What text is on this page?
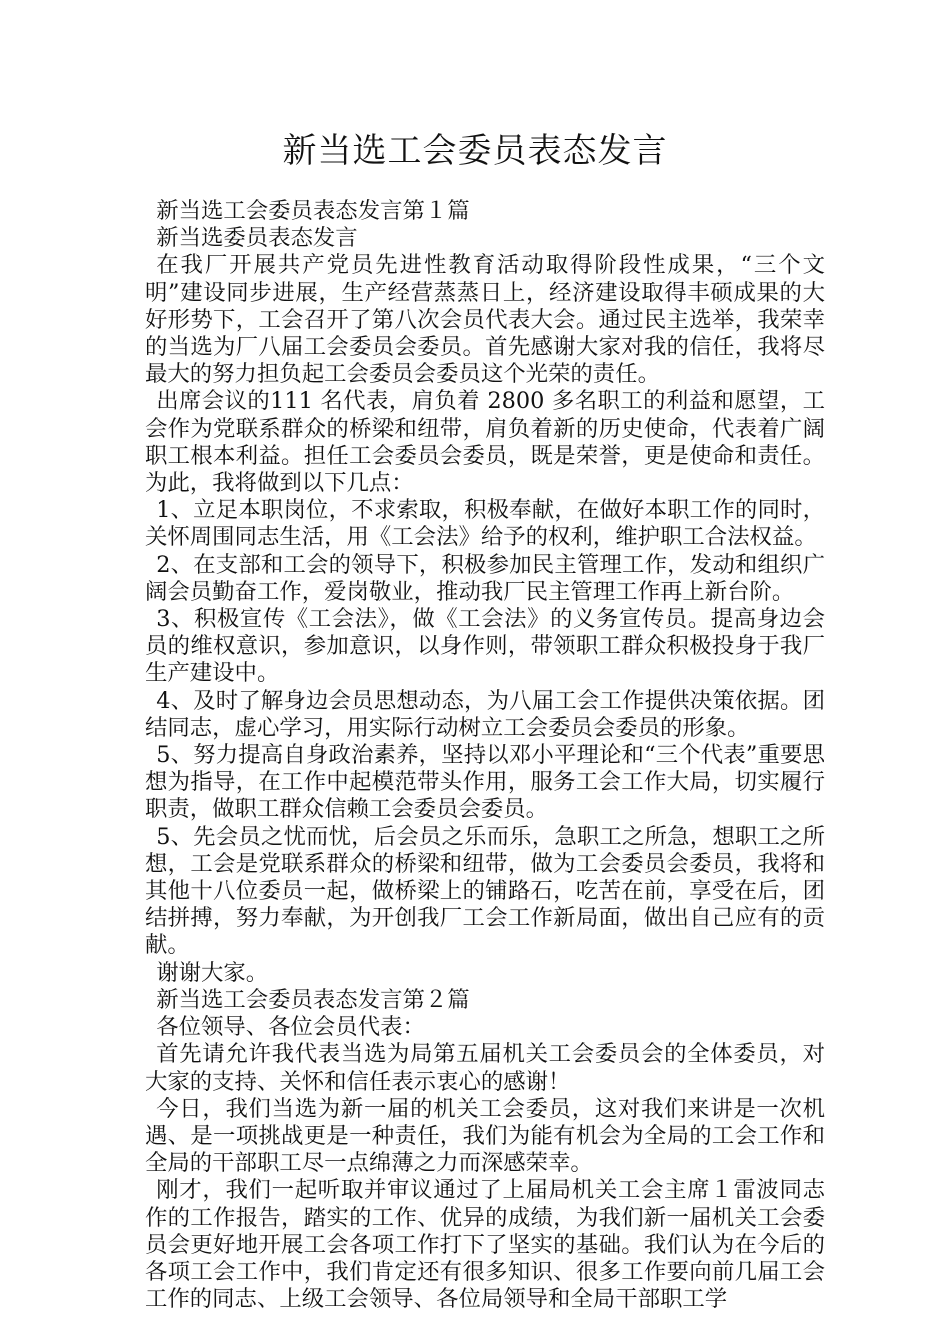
新当选工会委员表态发言

新当选工会委员表态发言第１篇

新当选委员表态发言

在我厂开展共产党员先进性教育活动取得阶段性成果，“三个文明”建设同步进展，生产经营蒸蒸日上，经济建设取得丰硕成果的大好形势下，工会召开了第八次会员代表大会。通过民主选举，我荣幸的当选为厂八届工会委员会委员。首先感谢大家对我的信任，我将尽最大的努力担负起工会委员会委员这个光荣的责任。

出席会议的111 名代表，肩负着 2800 多名职工的利益和愿望，工会作为党联系群众的桥梁和纽带，肩负着新的历史使命，代表着广阔职工根本利益。担任工会委员会委员，既是荣誉，更是使命和责任。为此，我将做到以下几点：

1、立足本职岗位，不求索取，积极奉献，在做好本职工作的同时，关怀周围同志生活，用《工会法》给予的权利，维护职工合法权益。

2、在支部和工会的领导下，积极参加民主管理工作，发动和组织广阔会员勤奋工作，爱岗敬业，推动我厂民主管理工作再上新台阶。

3、积极宣传《工会法》，做《工会法》的义务宣传员。提高身边会员的维权意识，参加意识，以身作则，带领职工群众积极投身于我厂生产建设中。

4、及时了解身边会员思想动态，为八届工会工作提供决策依据。团结同志，虚心学习，用实际行动树立工会委员会委员的形象。

5、努力提高自身政治素养，坚持以邓小平理论和“三个代表”重要思想为指导，在工作中起模范带头作用，服务工会工作大局，切实履行职责，做职工群众信赖工会委员会委员。

5、先会员之忧而忧，后会员之乐而乐，急职工之所急，想职工之所想，工会是党联系群众的桥梁和纽带，做为工会委员会委员，我将和其他十八位委员一起，做桥梁上的铺路石，吃苦在前，享受在后，团结拼搏，努力奉献，为开创我厂工会工作新局面，做出自己应有的贡献。

谢谢大家。

新当选工会委员表态发言第２篇

各位领导、各位会员代表：

首先请允许我代表当选为局第五届机关工会委员会的全体委员，对大家的支持、关怀和信任表示衷心的感谢！

今日，我们当选为新一届的机关工会委员，这对我们来讲是一次机遇、是一项挑战更是一种责任，我们为能有机会为全局的工会工作和全局的干部职工尽一点绵薄之力而深感荣幸。

刚才，我们一起听取并审议通过了上届局机关工会主席１雷波同志作的工作报告，踏实的工作、优异的成绩，为我们新一届机关工会委员会更好地开展工会各项工作打下了坚实的基础。我们认为在今后的各项工会工作中，我们肯定还有很多知识、很多工作要向前几届工会工作的同志、上级工会领导、各位局领导和全局干部职工学
